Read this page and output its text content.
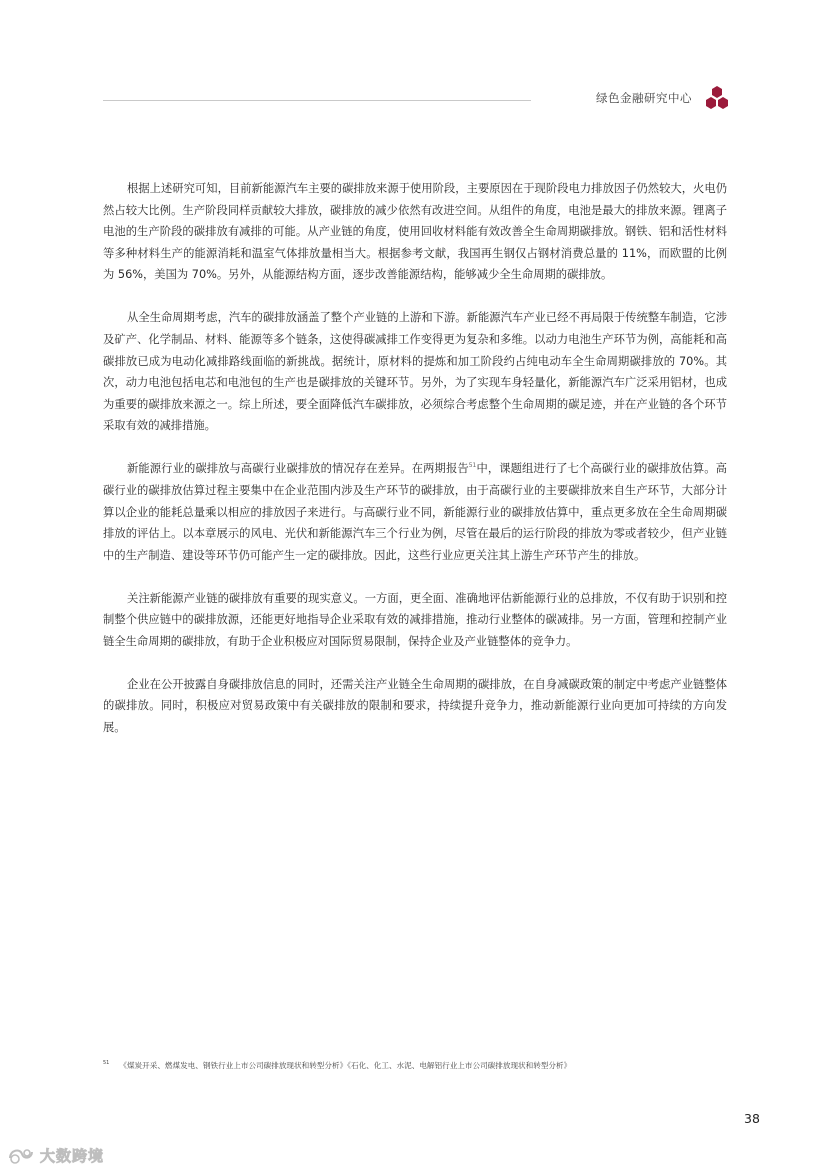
绿色金融研究中心

根据上述研究可知，目前新能源汽车主要的碳排放来源于使用阶段，主要原因在于现阶段电力排放因子仍然较大，火电仍然占较大比例。生产阶段同样贡献较大排放，碳排放的减少依然有改进空间。从组件的角度，电池是最大的排放来源。锂离子电池的生产阶段的碳排放有减排的可能。从产业链的角度，使用回收材料能有效改善全生命周期碳排放。钢铁、铝和活性材料等多种材料生产的能源消耗和温室气体排放量相当大。根据参考文献，我国再生钢仅占钢材消费总量的 11%，而欧盟的比例为 56%，美国为 70%。另外，从能源结构方面，逐步改善能源结构，能够减少全生命周期的碳排放。

从全生命周期考虑，汽车的碳排放涵盖了整个产业链的上游和下游。新能源汽车产业已经不再局限于传统整车制造，它涉及矿产、化学制品、材料、能源等多个链条，这使得碳减排工作变得更为复杂和多维。以动力电池生产环节为例，高能耗和高碳排放已成为电动化减排路线面临的新挑战。据统计，原材料的提炼和加工阶段约占纯电动车全生命周期碳排放的 70%。其次，动力电池包括电芯和电池包的生产也是碳排放的关键环节。另外，为了实现车身轻量化，新能源汽车广泛采用铝材，也成为重要的碳排放来源之一。综上所述，要全面降低汽车碳排放，必须综合考虑整个生命周期的碳足迹，并在产业链的各个环节采取有效的减排措施。

新能源行业的碳排放与高碳行业碳排放的情况存在差异。在两期报告$^{51}$中，课题组进行了七个高碳行业的碳排放估算。高碳行业的碳排放估算过程主要集中在企业范围内涉及生产环节的碳排放，由于高碳行业的主要碳排放来自生产环节，大部分计算以企业的能耗总量乘以相应的排放因子来进行。与高碳行业不同，新能源行业的碳排放估算中，重点更多放在全生命周期碳排放的评估上。以本章展示的风电、光伏和新能源汽车三个行业为例，尽管在最后的运行阶段的排放为零或者较少，但产业链中的生产制造、建设等环节仍可能产生一定的碳排放。因此，这些行业应更关注其上游生产环节产生的排放。

关注新能源产业链的碳排放有重要的现实意义。一方面，更全面、准确地评估新能源行业的总排放，不仅有助于识别和控制整个供应链中的碳排放源，还能更好地指导企业采取有效的减排措施，推动行业整体的碳减排。另一方面，管理和控制产业链全生命周期的碳排放，有助于企业积极应对国际贸易限制，保持企业及产业链整体的竞争力。

企业在公开披露自身碳排放信息的同时，还需关注产业链全生命周期的碳排放，在自身减碳政策的制定中考虑产业链整体的碳排放。同时，积极应对贸易政策中有关碳排放的限制和要求，持续提升竞争力，推动新能源行业向更加可持续的方向发展。

$^{51}$ 《煤炭开采、燃煤发电、钢铁行业上市公司碳排放现状和转型分析》《石化、化工、水泥、电解铝行业上市公司碳排放现状和转型分析》
38
大数跨境
